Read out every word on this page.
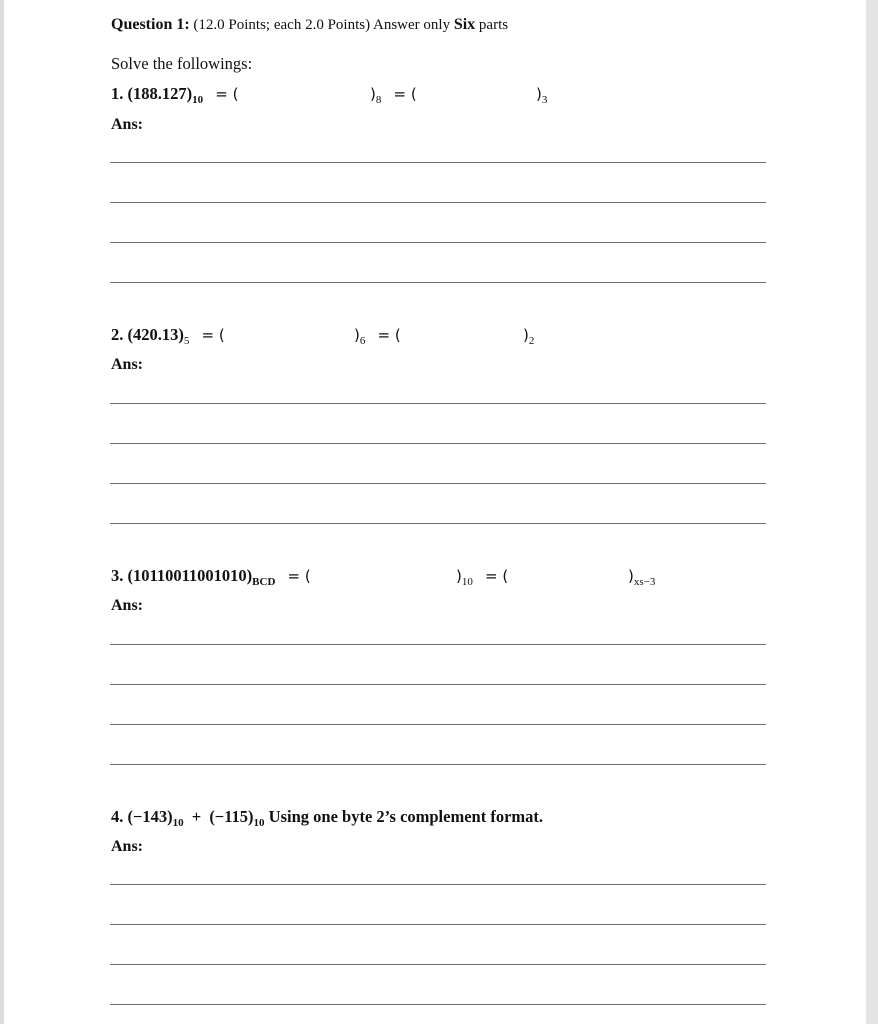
Question 1: (12.0 Points; each 2.0 Points) Answer only Six parts
Solve the followings:
1. $(188.127)_{10}$ = (	)$_8$ = (	)$_3$
Ans:
2. $(420.13)_5$ = (	)$_6$ = (	)$_2$
Ans:
3. $(10110011001010)_{BCD}$ = (	)$_{10}$ = (	)$_{xs-3}$
Ans:
4. $(-143)_{10} + (-115)_{10}$ Using one byte 2’s complement format.
Ans:
